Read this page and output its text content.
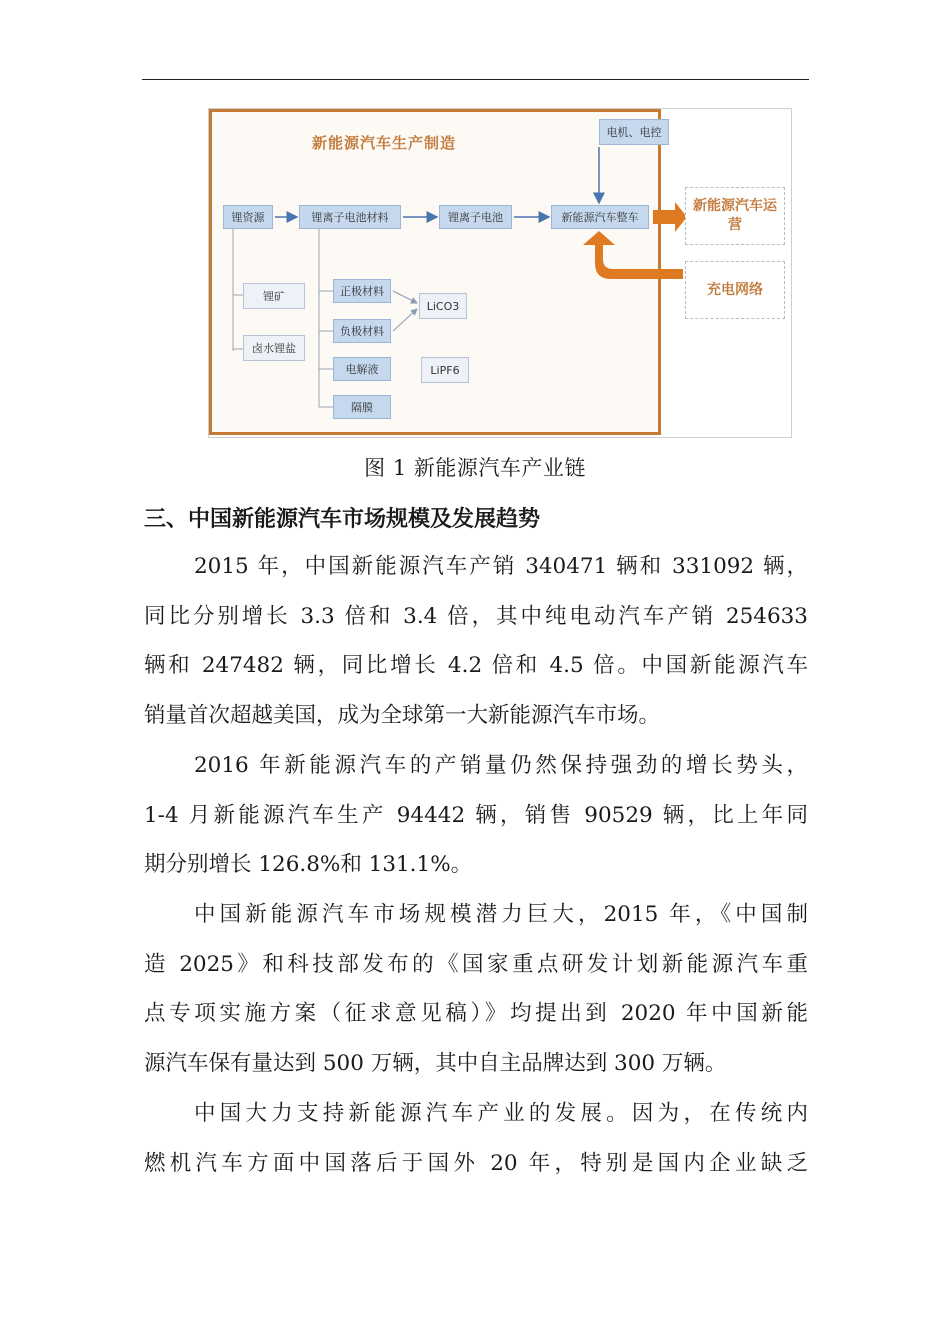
新能源汽车生产制造
电机、电控
锂资源	锂离子电池材料	锂离子电池	新能源汽车整车
锂矿
卤水锂盐
正极材料
负极材料
电解液
隔膜
LiCO3
LiPF6
新能源汽车运营
充电网络
图 1 新能源汽车产业链
三、中国新能源汽车市场规模及发展趋势
2015 年，中国新能源汽车产销 340471 辆和 331092 辆，
同比分别增长 3.3 倍和 3.4 倍，其中纯电动汽车产销 254633
辆和 247482 辆，同比增长 4.2 倍和 4.5 倍。中国新能源汽车
销量首次超越美国，成为全球第一大新能源汽车市场。
2016 年新能源汽车的产销量仍然保持强劲的增长势头，
1-4 月新能源汽车生产 94442 辆，销售 90529 辆，比上年同
期分别增长 126.8%和 131.1%。
中国新能源汽车市场规模潜力巨大，2015 年，《中国制
造 2025》和科技部发布的《国家重点研发计划新能源汽车重
点专项实施方案（征求意见稿）》均提出到 2020 年中国新能
源汽车保有量达到 500 万辆，其中自主品牌达到 300 万辆。
中国大力支持新能源汽车产业的发展。因为，在传统内
燃机汽车方面中国落后于国外 20 年，特别是国内企业缺乏
